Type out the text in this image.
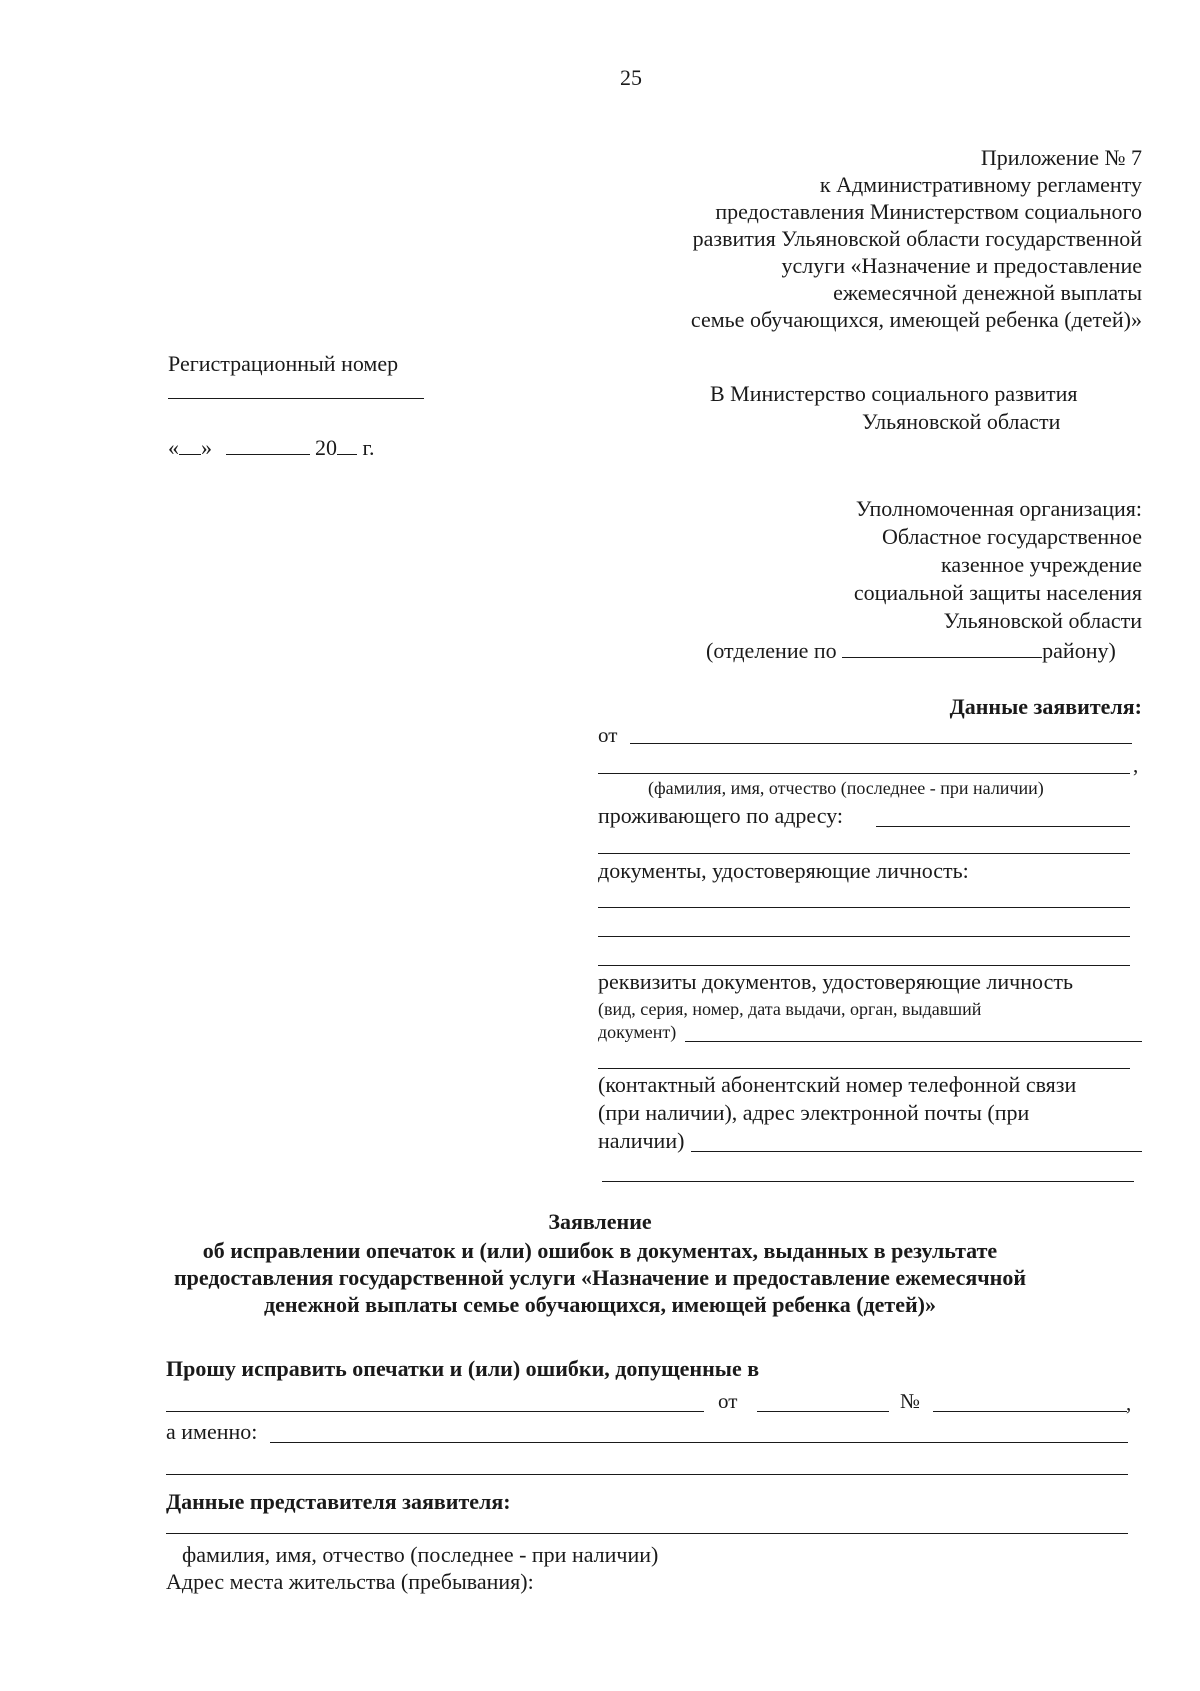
25
Приложение № 7
к Административному регламенту
предоставления Министерством социального
развития Ульяновской области государственной
услуги «Назначение и предоставление
ежемесячной денежной выплаты
семье обучающихся, имеющей ребенка (детей)»
Регистрационный номер
« »	20 г.
В Министерство социального развития
Ульяновской области
Уполномоченная организация:
Областное государственное
казенное учреждение
социальной защиты населения
Ульяновской области
(отделение по	району)
Данные заявителя:
от
,
(фамилия, имя, отчество (последнее - при наличии)
проживающего по адресу:
документы, удостоверяющие личность:
реквизиты документов, удостоверяющие личность
(вид, серия, номер, дата выдачи, орган, выдавший
документ)
(контактный абонентский номер телефонной связи
(при наличии), адрес электронной почты (при
наличии)
Заявление
об исправлении опечаток и (или) ошибок в документах, выданных в результате
предоставления государственной услуги «Назначение и предоставление ежемесячной
денежной выплаты семье обучающихся, имеющей ребенка (детей)»
Прошу исправить опечатки и (или) ошибки, допущенные в
от	№	,
а именно:
Данные представителя заявителя:
фамилия, имя, отчество (последнее - при наличии)
Адрес места жительства (пребывания):
